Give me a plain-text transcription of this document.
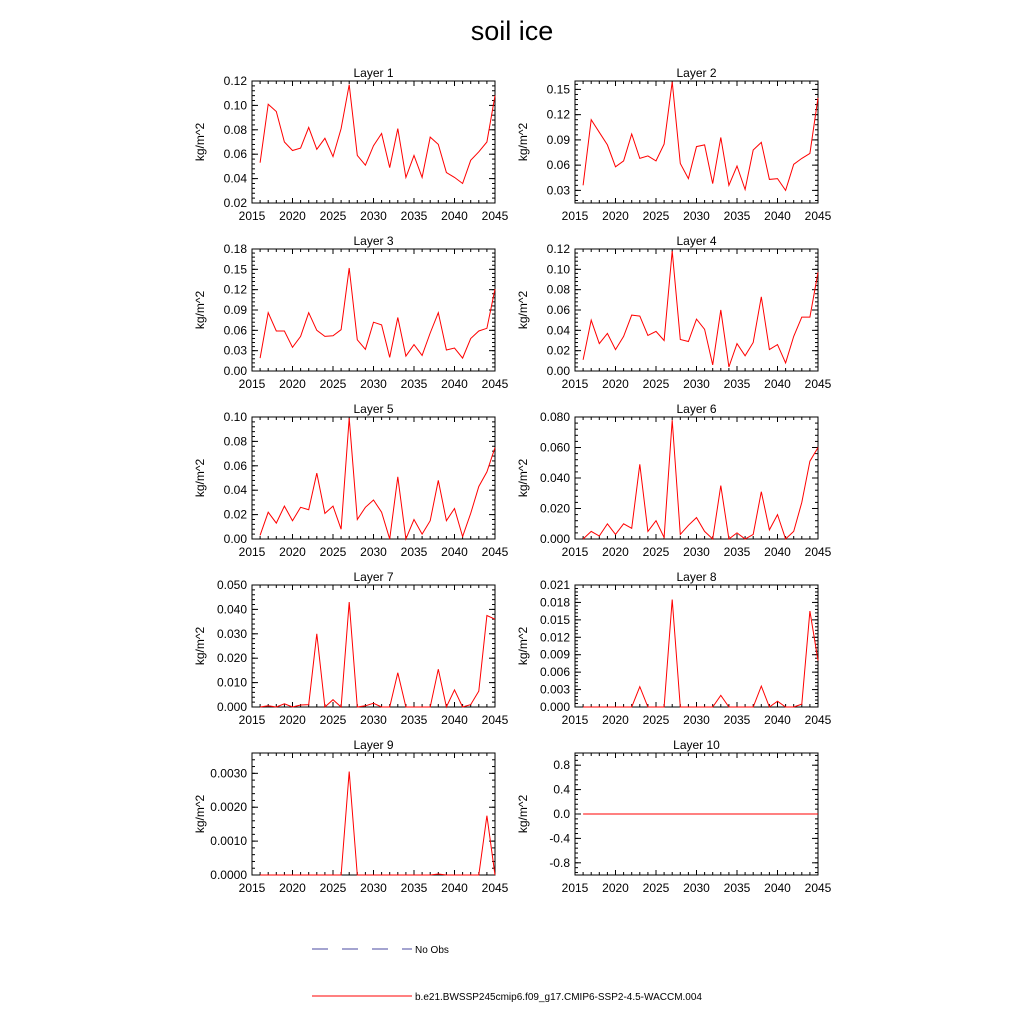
soil ice
Layer 1
kg/m^2
2015 2020 2025 2030 2035 2040 2045
0.02
0.04
0.06
0.08
0.10
0.12
Layer 2
kg/m^2
2015 2020 2025 2030 2035 2040 2045
0.03
0.06
0.09
0.12
0.15
Layer 3
kg/m^2
2015 2020 2025 2030 2035 2040 2045
0.00
0.03
0.06
0.09
0.12
0.15
0.18
Layer 4
kg/m^2
2015 2020 2025 2030 2035 2040 2045
0.00
0.02
0.04
0.06
0.08
0.10
0.12
Layer 5
kg/m^2
2015 2020 2025 2030 2035 2040 2045
0.00
0.02
0.04
0.06
0.08
0.10
Layer 6
kg/m^2
2015 2020 2025 2030 2035 2040 2045
0.000
0.020
0.040
0.060
0.080
Layer 7
kg/m^2
2015 2020 2025 2030 2035 2040 2045
0.000
0.010
0.020
0.030
0.040
0.050
Layer 8
kg/m^2
2015 2020 2025 2030 2035 2040 2045
0.000
0.003
0.006
0.009
0.012
0.015
0.018
0.021
Layer 9
kg/m^2
2015 2020 2025 2030 2035 2040 2045
0.0000
0.0010
0.0020
0.0030
Layer 10
kg/m^2
2015 2020 2025 2030 2035 2040 2045
-0.8
-0.4
0.0
0.4
0.8
No Obs
b.e21.BWSSP245cmip6.f09_g17.CMIP6-SSP2-4.5-WACCM.004
